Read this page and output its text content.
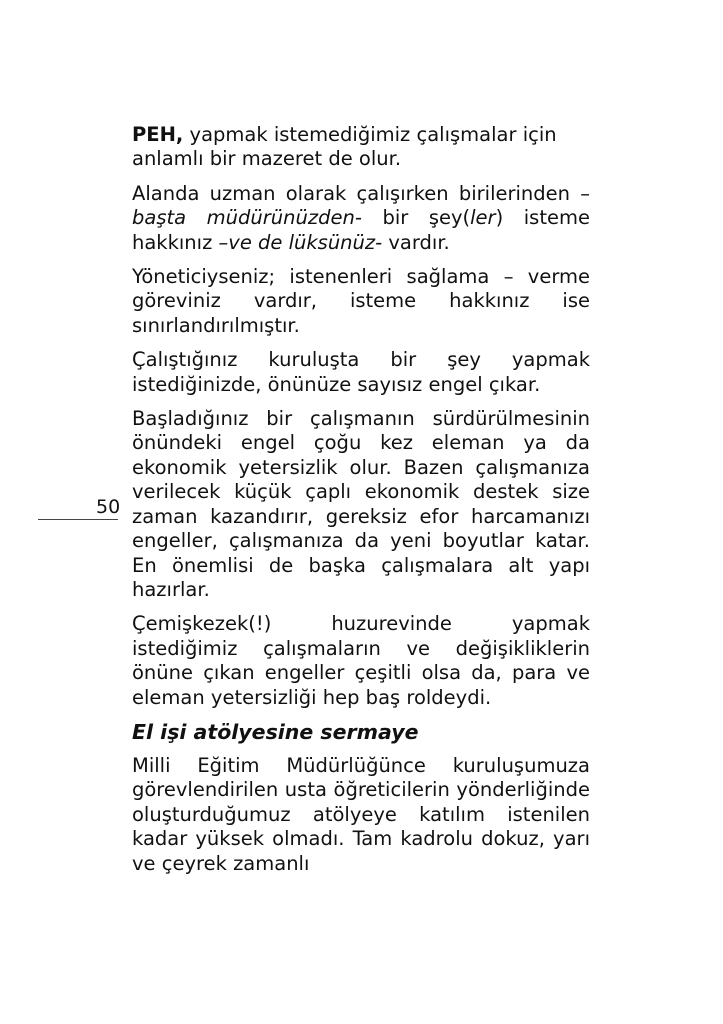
50

PEH, yapmak istemediğimiz çalışmalar için anlamlı bir mazeret de olur.

Alanda uzman olarak çalışırken birilerinden –başta müdürünüzden- bir şey(ler) isteme hakkınız –ve de lüksünüz- vardır.

Yöneticiyseniz; istenenleri sağlama – verme göreviniz vardır, isteme hakkınız ise sınırlandırılmıştır.

Çalıştığınız kuruluşta bir şey yapmak istediğinizde, önünüze sayısız engel çıkar.

Başladığınız bir çalışmanın sürdürülmesinin önündeki engel çoğu kez eleman ya da ekonomik yetersizlik olur. Bazen çalışmanıza verilecek küçük çaplı ekonomik destek size zaman kazandırır, gereksiz efor harcamanızı engeller, çalışmanıza da yeni boyutlar katar. En önemlisi de başka çalışmalara alt yapı hazırlar.

Çemişkezek(!) huzurevinde yapmak istediğimiz çalışmaların ve değişikliklerin önüne çıkan engeller çeşitli olsa da, para ve eleman yetersizliği hep baş roldeydi.

El işi atölyesine sermaye

Milli Eğitim Müdürlüğünce kuruluşumuza görevlendirilen usta öğreticilerin yönderliğinde oluşturduğumuz atölyeye katılım istenilen kadar yüksek olmadı. Tam kadrolu dokuz, yarı ve çeyrek zamanlı
